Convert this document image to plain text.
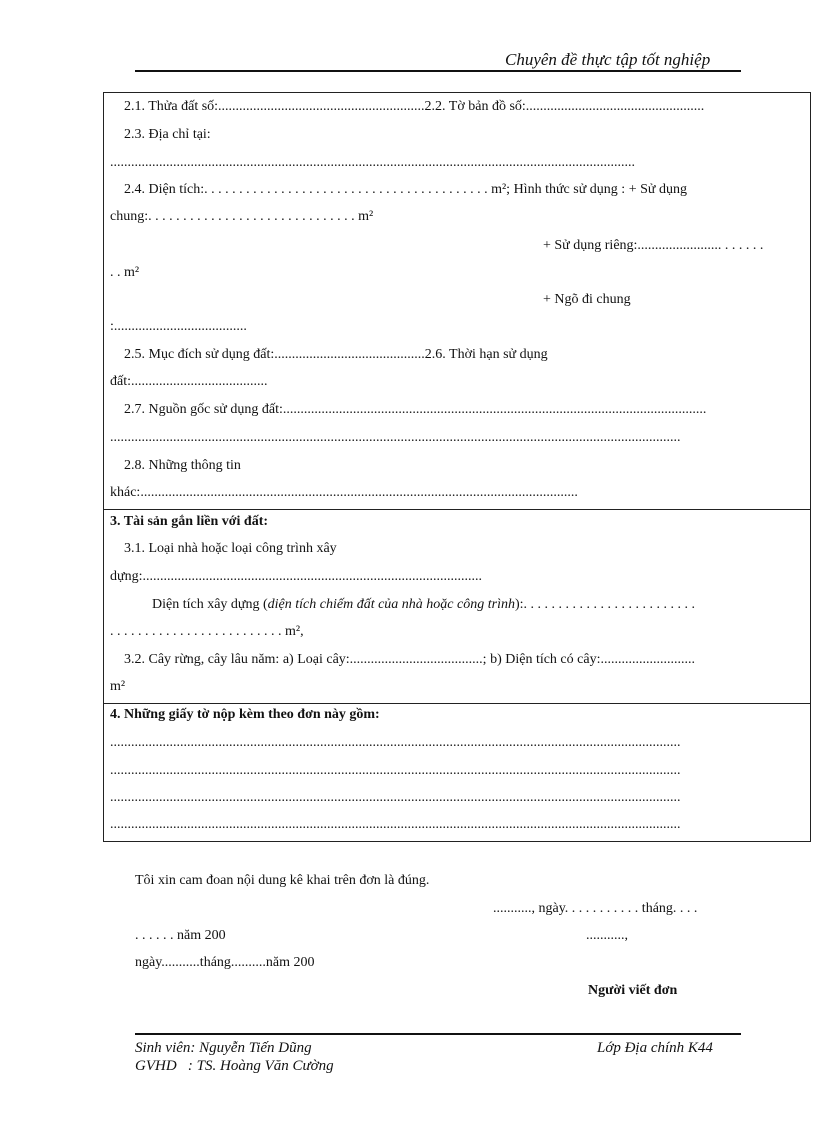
Chuyên đề thực tập tốt nghiệp
2.1. Thửa đất số:...........................................................2.2. Tờ bản đồ số:...................................................
2.3. Địa chỉ tại:
......................................................................................................................................................
2.4. Diện tích:. . . . . . . . . . . . . . . . . . . . . . . . . . . . . . . . . . . . . . . . . m²; Hình thức sử dụng : + Sử dụng
chung:. . . . . . . . . . . . . . . . . . . . . . . . . . . . . . m²
+ Sử dụng riêng:........................ . . . . . .
. . m²
+ Ngõ đi chung
:......................................
2.5. Mục đích sử dụng đất:...........................................2.6. Thời hạn sử dụng
đất:.......................................
2.7. Nguồn gốc sử dụng đất:.........................................................................................................................
...................................................................................................................................................................
2.8. Những thông tin
khác:.............................................................................................................................
3. Tài sản gắn liền với đất:
3.1. Loại nhà hoặc loại công trình xây
dựng:.................................................................................................
Diện tích xây dựng (diện tích chiếm đất của nhà hoặc công trình):. . . . . . . . . . . . . . . . . . . . . . . . .
. . . . . . . . . . . . . . . . . . . . . . . . . m²,
3.2. Cây rừng, cây lâu năm: a) Loại cây:......................................; b) Diện tích có cây:...........................
m²
4. Những giấy tờ nộp kèm theo đơn này gồm:
...................................................................................................................................................................
...................................................................................................................................................................
...................................................................................................................................................................
...................................................................................................................................................................
Tôi xin cam đoan nội dung kê khai trên đơn là đúng.
..........., ngày. . . . . . . . . . . tháng. . . .
. . . . . . năm 200	...........,
ngày...........tháng..........năm 200
Người viết đơn
Sinh viên: Nguyễn Tiến Dũng	Lớp Địa chính K44
GVHD   : TS. Hoàng Văn Cường
